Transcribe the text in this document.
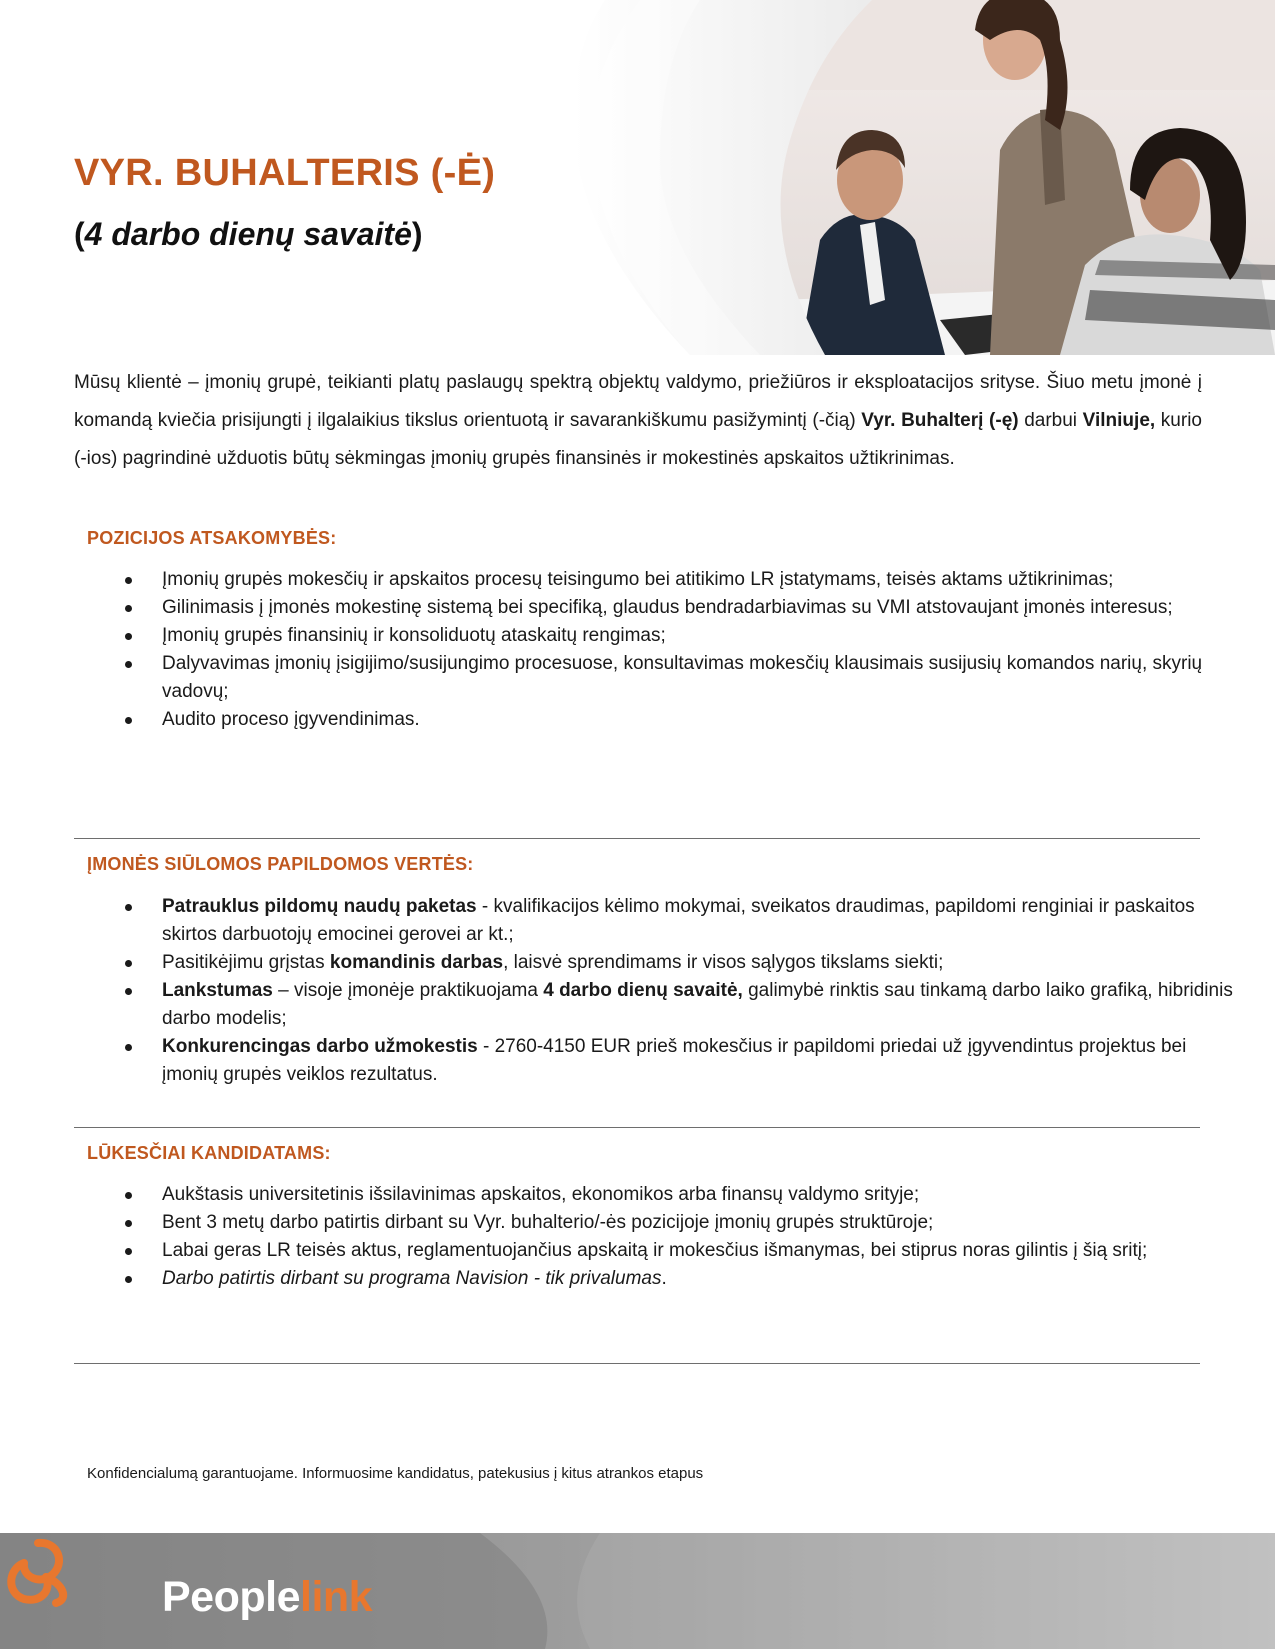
VYR. BUHALTERIS (-Ė)
(4 darbo dienų savaitė)

Mūsų klientė – įmonių grupė, teikianti platų paslaugų spektrą objektų valdymo, priežiūros ir eksploatacijos srityse. Šiuo metu įmonė į komandą kviečia prisijungti į ilgalaikius tikslus orientuotą ir savarankiškumu pasižymintį (-čią) Vyr. Buhalterį (-ę) darbui Vilniuje, kurio (-ios) pagrindinė užduotis būtų sėkmingas įmonių grupės finansinės ir mokestinės apskaitos užtikrinimas.

POZICIJOS ATSAKOMYBĖS:
Įmonių grupės mokesčių ir apskaitos procesų teisingumo bei atitikimo LR įstatymams, teisės aktams užtikrinimas;
Gilinimasis į įmonės mokestinę sistemą bei specifiką, glaudus bendradarbiavimas su VMI atstovaujant įmonės interesus;
Įmonių grupės finansinių ir konsoliduotų ataskaitų rengimas;
Dalyvavimas įmonių įsigijimo/susijungimo procesuose, konsultavimas mokesčių klausimais susijusių komandos narių, skyrių vadovų;
Audito proceso įgyvendinimas.
ĮMONĖS SIŪLOMOS PAPILDOMOS VERTĖS:
Patrauklus pildomų naudų paketas - kvalifikacijos kėlimo mokymai, sveikatos draudimas, papildomi renginiai ir paskaitos skirtos darbuotojų emocinei gerovei ar kt.;
Pasitikėjimu grįstas komandinis darbas, laisvė sprendimams ir visos sąlygos tikslams siekti;
Lankstumas – visoje įmonėje praktikuojama 4 darbo dienų savaitė, galimybė rinktis sau tinkamą darbo laiko grafiką, hibridinis darbo modelis;
Konkurencingas darbo užmokestis - 2760-4150 EUR prieš mokesčius ir papildomi priedai už įgyvendintus projektus bei įmonių grupės veiklos rezultatus.
LŪKESČIAI KANDIDATAMS:
Aukštasis universitetinis išsilavinimas apskaitos, ekonomikos arba finansų valdymo srityje;
Bent 3 metų darbo patirtis dirbant su Vyr. buhalterio/-ės pozicijoje įmonių grupės struktūroje;
Labai geras LR teisės aktus, reglamentuojančius apskaitą ir mokesčius išmanymas, bei stiprus noras gilintis į šią sritį;
Darbo patirtis dirbant su programa Navision - tik privalumas.

Konfidencialumą garantuojame. Informuosime kandidatus, patekusius į kitus atrankos etapus

Peoplelink
